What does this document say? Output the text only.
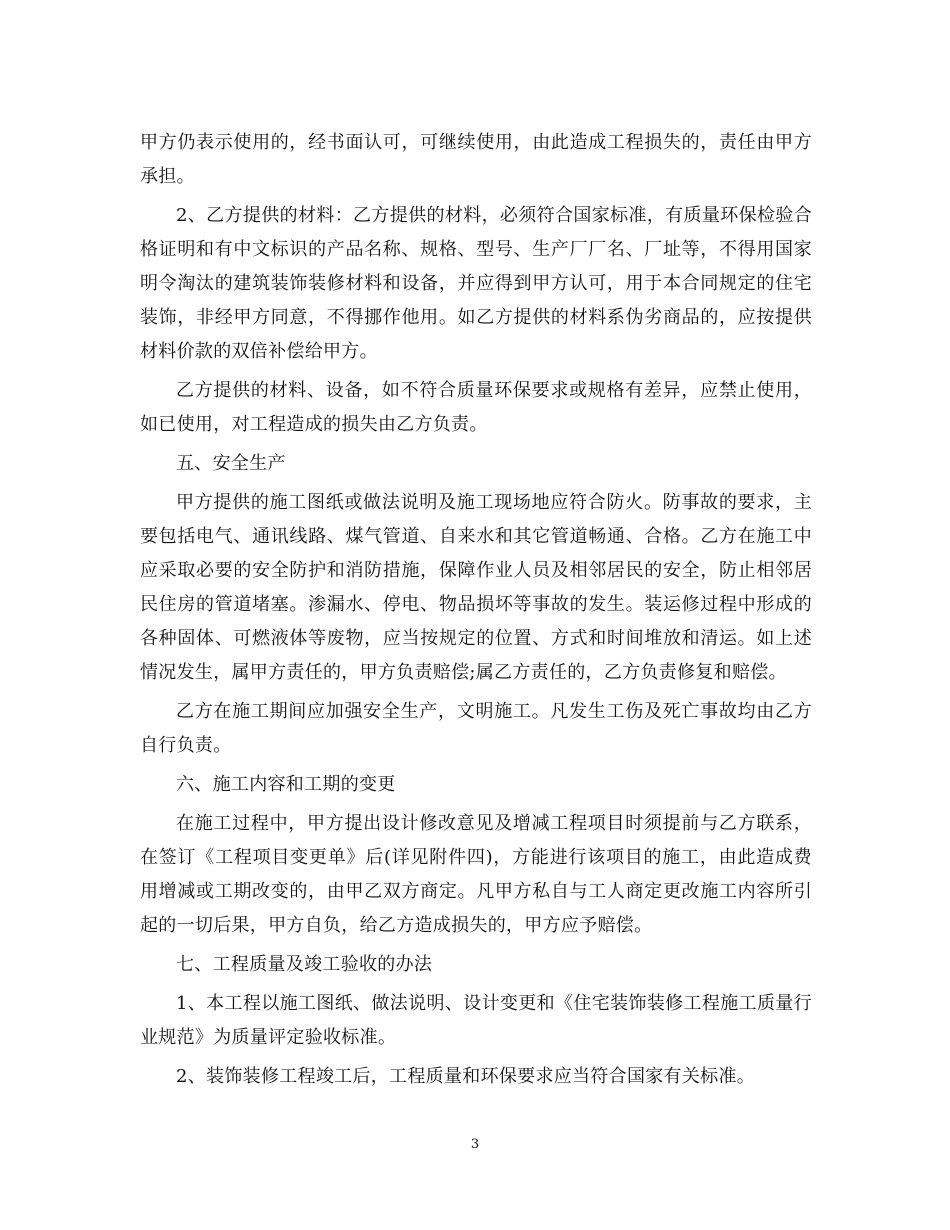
甲方仍表示使用的，经书面认可，可继续使用，由此造成工程损失的，责任由甲方承担。

2、乙方提供的材料：乙方提供的材料，必须符合国家标准，有质量环保检验合格证明和有中文标识的产品名称、规格、型号、生产厂厂名、厂址等，不得用国家明令淘汰的建筑装饰装修材料和设备，并应得到甲方认可，用于本合同规定的住宅装饰，非经甲方同意，不得挪作他用。如乙方提供的材料系伪劣商品的，应按提供材料价款的双倍补偿给甲方。

乙方提供的材料、设备，如不符合质量环保要求或规格有差异，应禁止使用，如已使用，对工程造成的损失由乙方负责。

五、安全生产

甲方提供的施工图纸或做法说明及施工现场地应符合防火。防事故的要求，主要包括电气、通讯线路、煤气管道、自来水和其它管道畅通、合格。乙方在施工中应采取必要的安全防护和消防措施，保障作业人员及相邻居民的安全，防止相邻居民住房的管道堵塞。渗漏水、停电、物品损坏等事故的发生。装运修过程中形成的各种固体、可燃液体等废物，应当按规定的位置、方式和时间堆放和清运。如上述情况发生，属甲方责任的，甲方负责赔偿;属乙方责任的，乙方负责修复和赔偿。

乙方在施工期间应加强安全生产，文明施工。凡发生工伤及死亡事故均由乙方自行负责。

六、施工内容和工期的变更

在施工过程中，甲方提出设计修改意见及增减工程项目时须提前与乙方联系，在签订《工程项目变更单》后(详见附件四)，方能进行该项目的施工，由此造成费用增减或工期改变的，由甲乙双方商定。凡甲方私自与工人商定更改施工内容所引起的一切后果，甲方自负，给乙方造成损失的，甲方应予赔偿。

七、工程质量及竣工验收的办法

1、本工程以施工图纸、做法说明、设计变更和《住宅装饰装修工程施工质量行业规范》为质量评定验收标准。

2、装饰装修工程竣工后，工程质量和环保要求应当符合国家有关标准。

3
